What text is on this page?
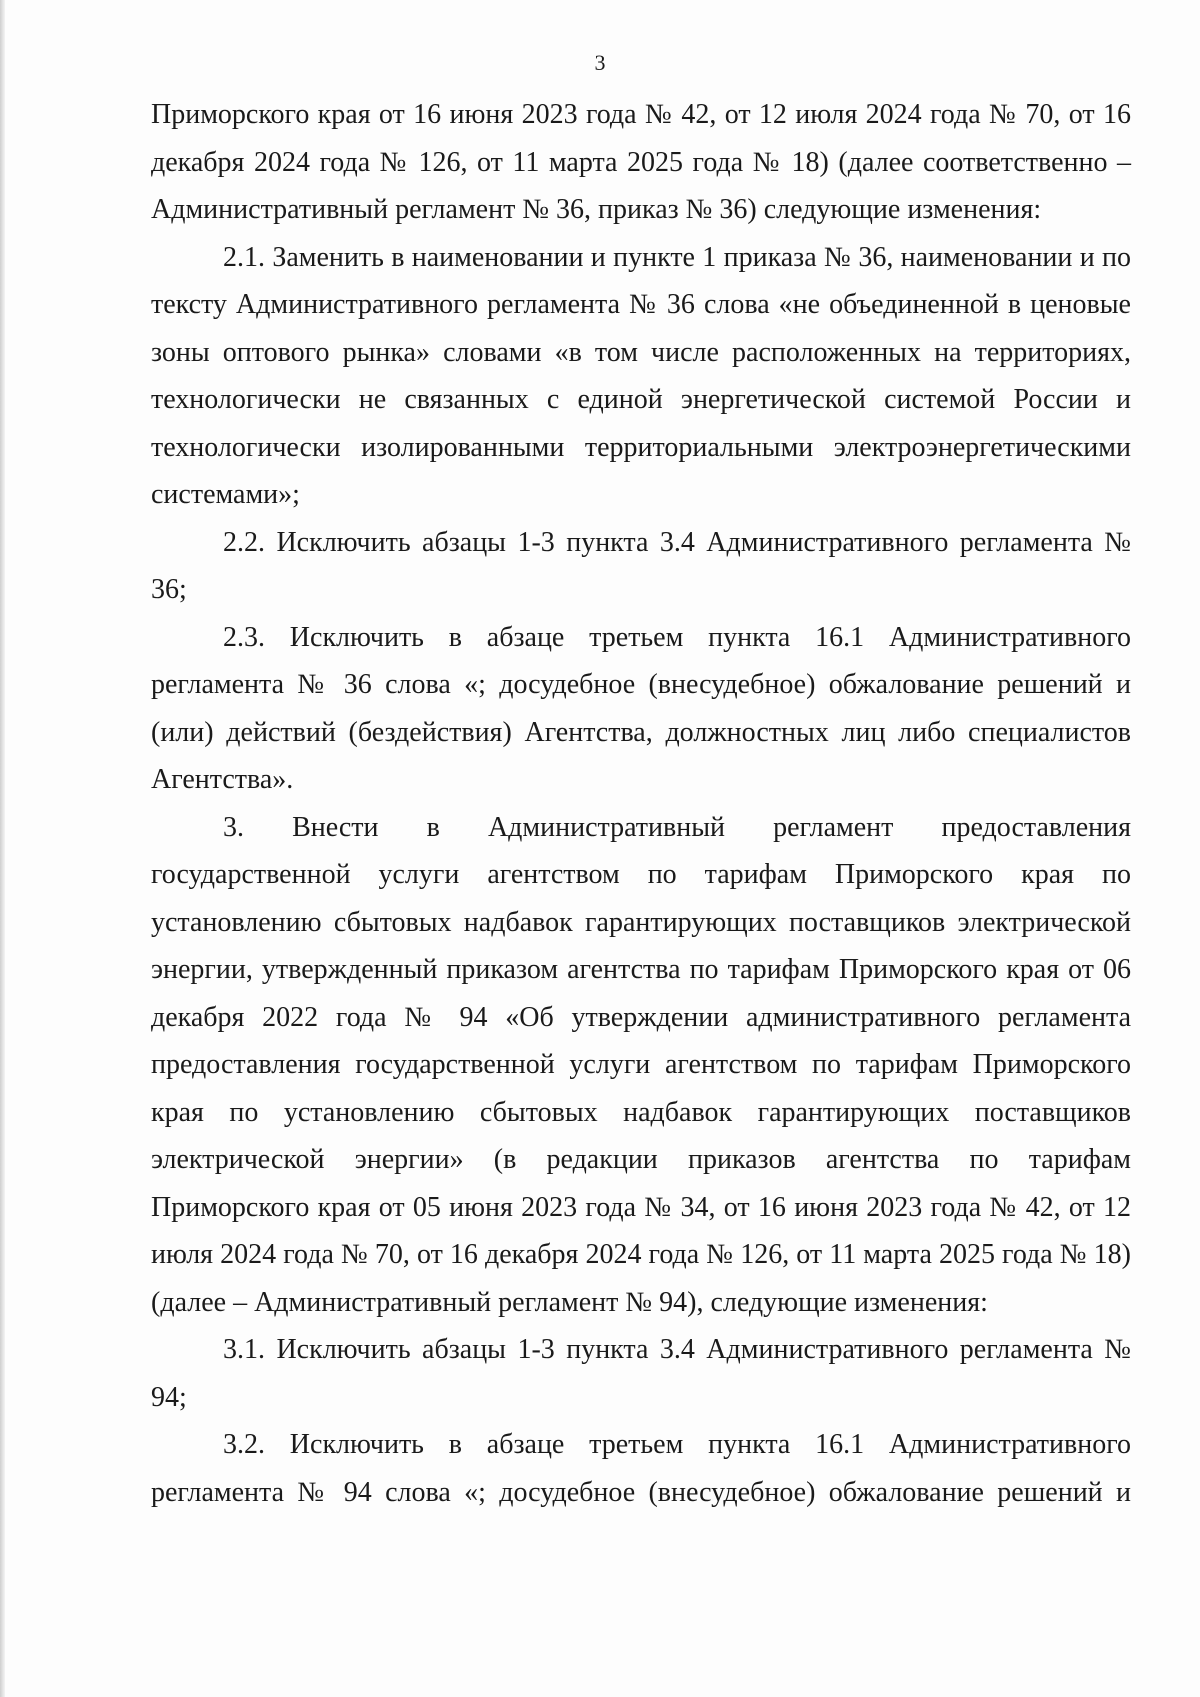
3

Приморского края от 16 июня 2023 года № 42, от 12 июля 2024 года № 70, от 16 декабря 2024 года № 126, от 11 марта 2025 года № 18) (далее соответственно – Административный регламент № 36, приказ № 36) следующие изменения:

2.1. Заменить в наименовании и пункте 1 приказа № 36, наименовании и по тексту Административного регламента № 36 слова «не объединенной в ценовые зоны оптового рынка» словами «в том числе расположенных на территориях, технологически не связанных с единой энергетической системой России и технологически изолированными территориальными электроэнергетическими системами»;

2.2. Исключить абзацы 1-3 пункта 3.4 Административного регламента № 36;

2.3. Исключить в абзаце третьем пункта 16.1 Административного регламента № 36 слова «; досудебное (внесудебное) обжалование решений и (или) действий (бездействия) Агентства, должностных лиц либо специалистов Агентства».

3. Внести в Административный регламент предоставления государственной услуги агентством по тарифам Приморского края по установлению сбытовых надбавок гарантирующих поставщиков электрической энергии, утвержденный приказом агентства по тарифам Приморского края от 06 декабря 2022 года № 94 «Об утверждении административного регламента предоставления государственной услуги агентством по тарифам Приморского края по установлению сбытовых надбавок гарантирующих поставщиков электрической энергии» (в редакции приказов агентства по тарифам Приморского края от 05 июня 2023 года № 34, от 16 июня 2023 года № 42, от 12 июля 2024 года № 70, от 16 декабря 2024 года № 126, от 11 марта 2025 года № 18) (далее – Административный регламент № 94), следующие изменения:

3.1. Исключить абзацы 1-3 пункта 3.4 Административного регламента № 94;

3.2. Исключить в абзаце третьем пункта 16.1 Административного регламента № 94 слова «; досудебное (внесудебное) обжалование решений и
